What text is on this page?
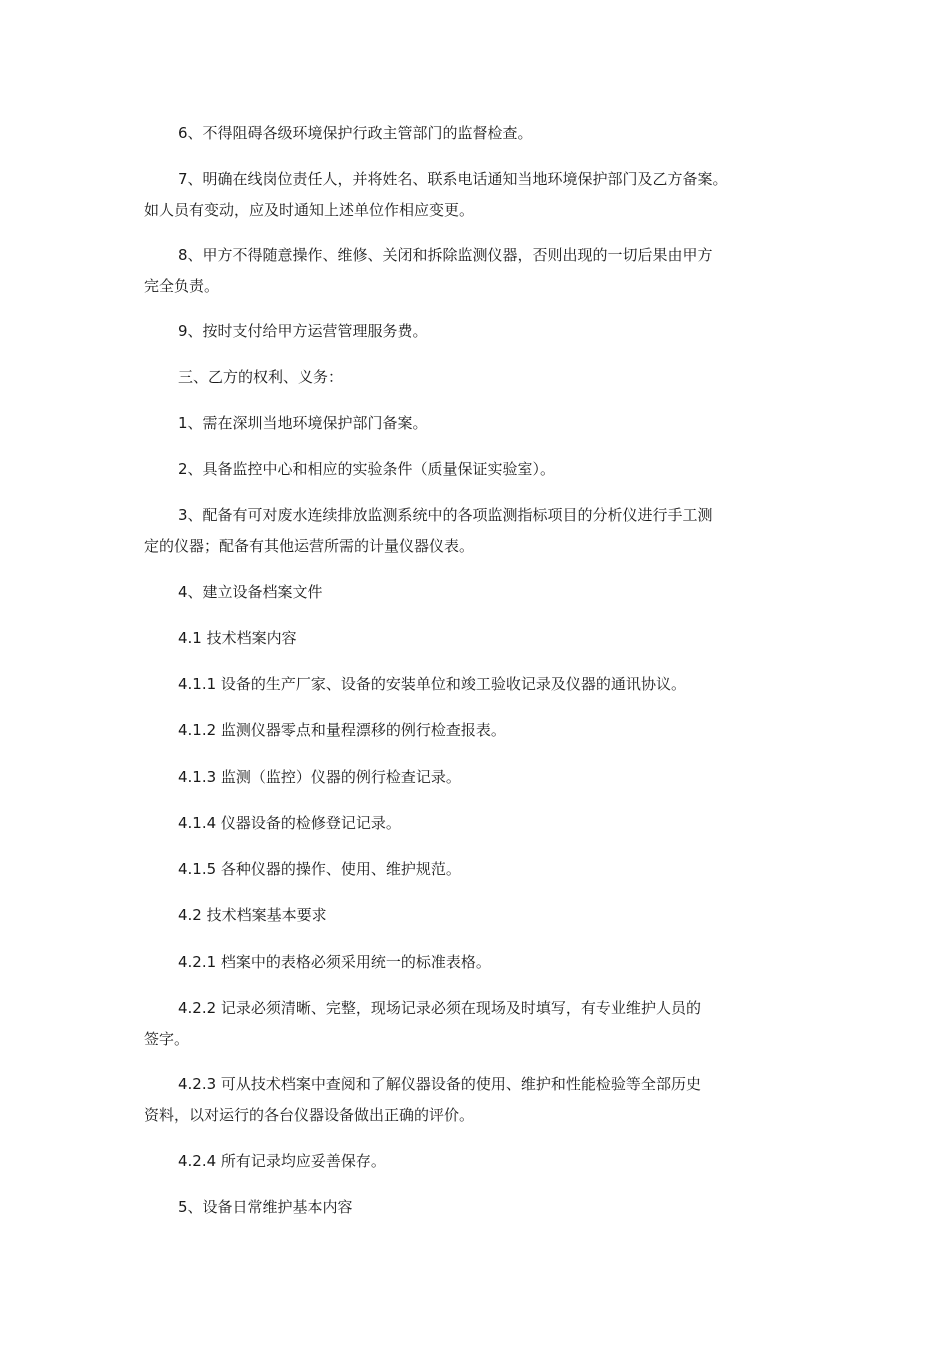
6、不得阻碍各级环境保护行政主管部门的监督检查。
7、明确在线岗位责任人，并将姓名、联系电话通知当地环境保护部门及乙方备案。
如人员有变动，应及时通知上述单位作相应变更。
8、甲方不得随意操作、维修、关闭和拆除监测仪器，否则出现的一切后果由甲方
完全负责。
9、按时支付给甲方运营管理服务费。
三、乙方的权利、义务：
1、需在深圳当地环境保护部门备案。
2、具备监控中心和相应的实验条件（质量保证实验室）。
3、配备有可对废水连续排放监测系统中的各项监测指标项目的分析仪进行手工测
定的仪器；配备有其他运营所需的计量仪器仪表。
4、建立设备档案文件
4.1 技术档案内容
4.1.1 设备的生产厂家、设备的安装单位和竣工验收记录及仪器的通讯协议。
4.1.2 监测仪器零点和量程漂移的例行检查报表。
4.1.3 监测（监控）仪器的例行检查记录。
4.1.4 仪器设备的检修登记记录。
4.1.5 各种仪器的操作、使用、维护规范。
4.2 技术档案基本要求
4.2.1 档案中的表格必须采用统一的标准表格。
4.2.2 记录必须清晰、完整，现场记录必须在现场及时填写，有专业维护人员的
签字。
4.2.3 可从技术档案中查阅和了解仪器设备的使用、维护和性能检验等全部历史
资料，以对运行的各台仪器设备做出正确的评价。
4.2.4 所有记录均应妥善保存。
5、设备日常维护基本内容
